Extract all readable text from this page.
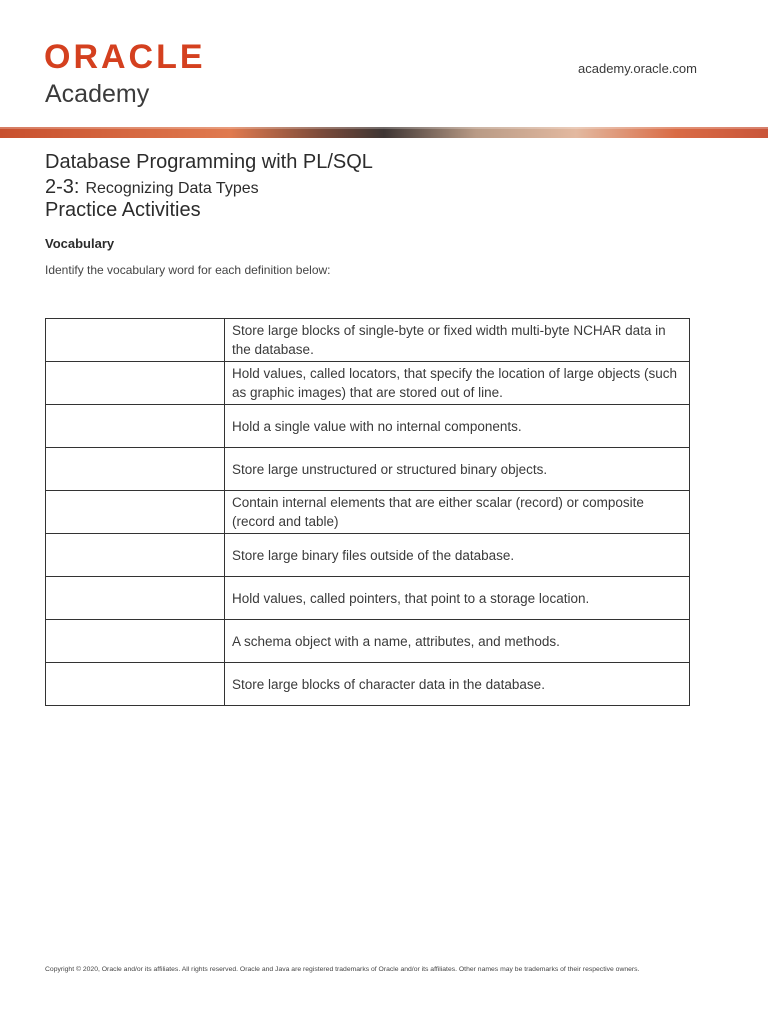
ORACLE
Academy
academy.oracle.com
Database Programming with PL/SQL
2-3: Recognizing Data Types
Practice Activities
Vocabulary
Identify the vocabulary word for each definition below:
	Store large blocks of single-byte or fixed width multi-byte NCHAR data in the database.
	Hold values, called locators, that specify the location of large objects (such as graphic images) that are stored out of line.
	Hold a single value with no internal components.
	Store large unstructured or structured binary objects.
	Contain internal elements that are either scalar (record) or composite (record and table)
	Store large binary files outside of the database.
	Hold values, called pointers, that point to a storage location.
	A schema object with a name, attributes, and methods.
	Store large blocks of character data in the database.
Copyright © 2020, Oracle and/or its affiliates. All rights reserved. Oracle and Java are registered trademarks of Oracle and/or its affiliates. Other names may be trademarks of their respective owners.
